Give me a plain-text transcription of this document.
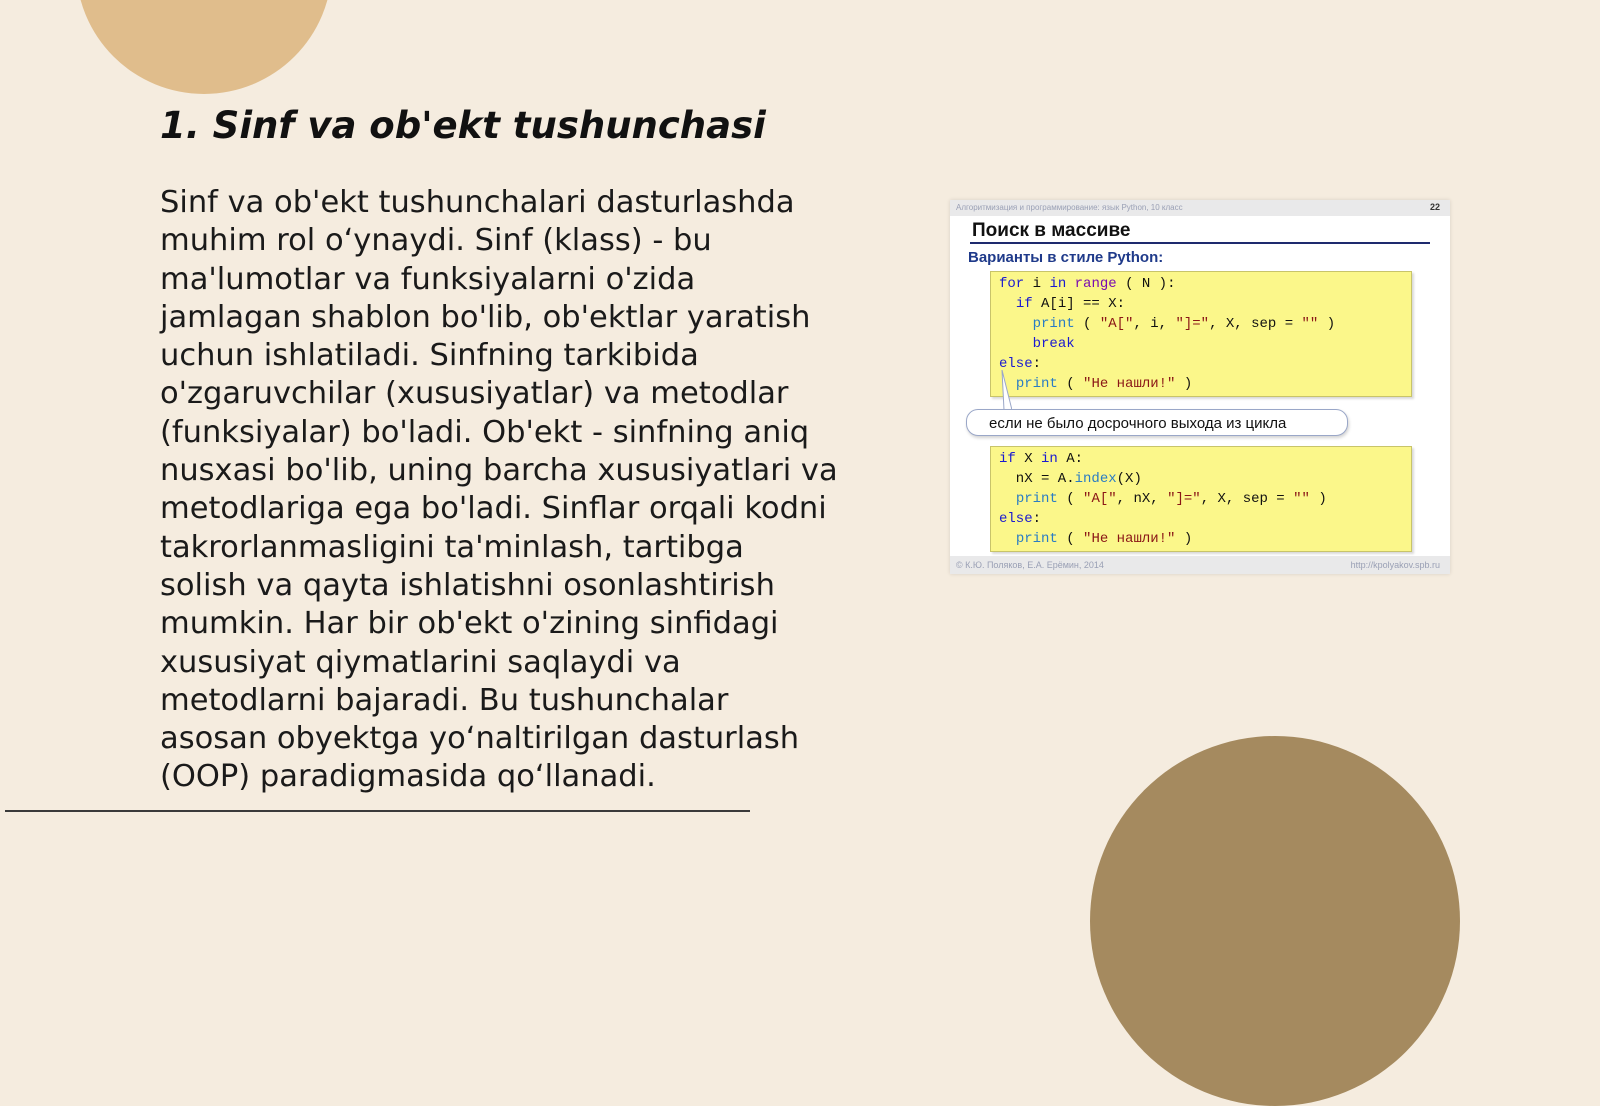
1. Sinf va ob'ekt tushunchasi

Sinf va ob'ekt tushunchalari dasturlashda muhim rol o‘ynaydi. Sinf (klass) - bu ma'lumotlar va funksiyalarni o'zida jamlagan shablon bo'lib, ob'ektlar yaratish uchun ishlatiladi. Sinfning tarkibida o'zgaruvchilar (xususiyatlar) va metodlar (funksiyalar) bo'ladi. Ob'ekt - sinfning aniq nusxasi bo'lib, uning barcha xususiyatlari va metodlariga ega bo'ladi. Sinflar orqali kodni takrorlanmasligini ta'minlash, tartibga solish va qayta ishlatishni osonlashtirish mumkin. Har bir ob'ekt o'zining sinfidagi xususiyat qiymatlarini saqlaydi va metodlarni bajaradi. Bu tushunchalar asosan obyektga yo‘naltirilgan dasturlash (OOP) paradigmasida qo‘llanadi.

Алгоритмизация и программирование: язык Python, 10 класс	22
Поиск в массиве
Варианты в стиле Python:
for i in range ( N ):
if A[i] == X:
print ( "A[", i, "]=", X, sep = "" )
break
else:
print ( "Не нашли!" )
если не было досрочного выхода из цикла
if X in A:
nX = A.index(X)
print ( "A[", nX, "]=", X, sep = "" )
else:
print ( "Не нашли!" )
© К.Ю. Поляков, Е.А. Ерёмин, 2014	http://kpolyakov.spb.ru
